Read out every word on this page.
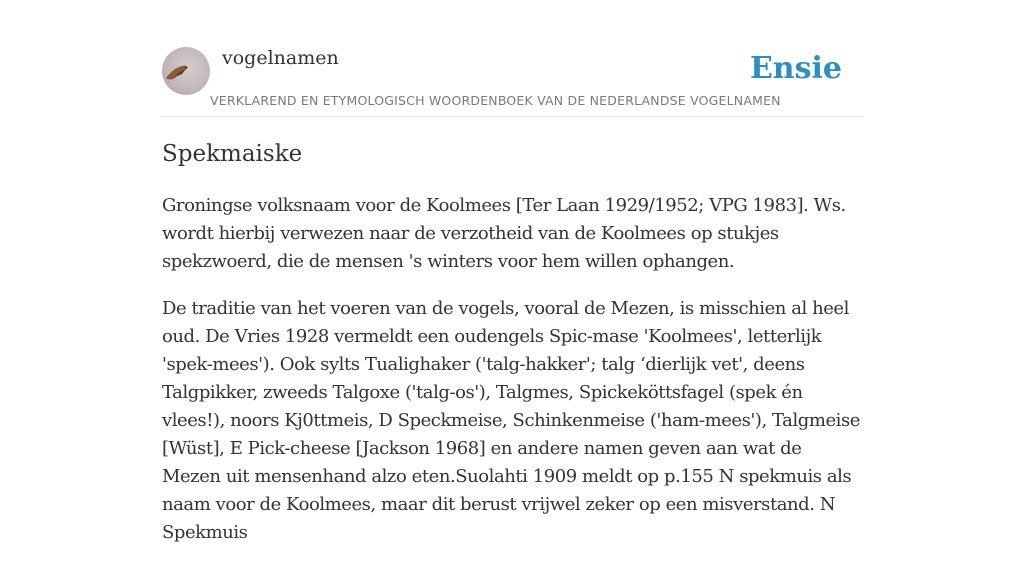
vogelnamen
VERKLAREND EN ETYMOLOGISCH WOORDENBOEK VAN DE NEDERLANDSE VOGELNAMEN
Ensie
Spekmaiske

Groningse volksnaam voor de Koolmees [Ter Laan 1929/1952; VPG 1983]. Ws. wordt hierbij verwezen naar de verzotheid van de Koolmees op stukjes spekzwoerd, die de mensen 's winters voor hem willen ophangen.

De traditie van het voeren van de vogels, vooral de Mezen, is misschien al heel oud. De Vries 1928 vermeldt een oudengels Spic-mase 'Koolmees', letterlijk 'spek-mees'). Ook sylts Tualighaker ('talg-hakker'; talg ‘dierlijk vet', deens Talgpikker, zweeds Talgoxe ('talg-os'), Talgmes, Spickeköttsfagel (spek én vlees!), noors Kj0ttmeis, D Speckmeise, Schinkenmeise ('ham-mees'), Talgmeise [Wüst], E Pick-cheese [Jackson 1968] en andere namen geven aan wat de Mezen uit mensenhand alzo eten.Suolahti 1909 meldt op p.155 N spekmuis als naam voor de Koolmees, maar dit berust vrijwel zeker op een misverstand. N Spekmuis
